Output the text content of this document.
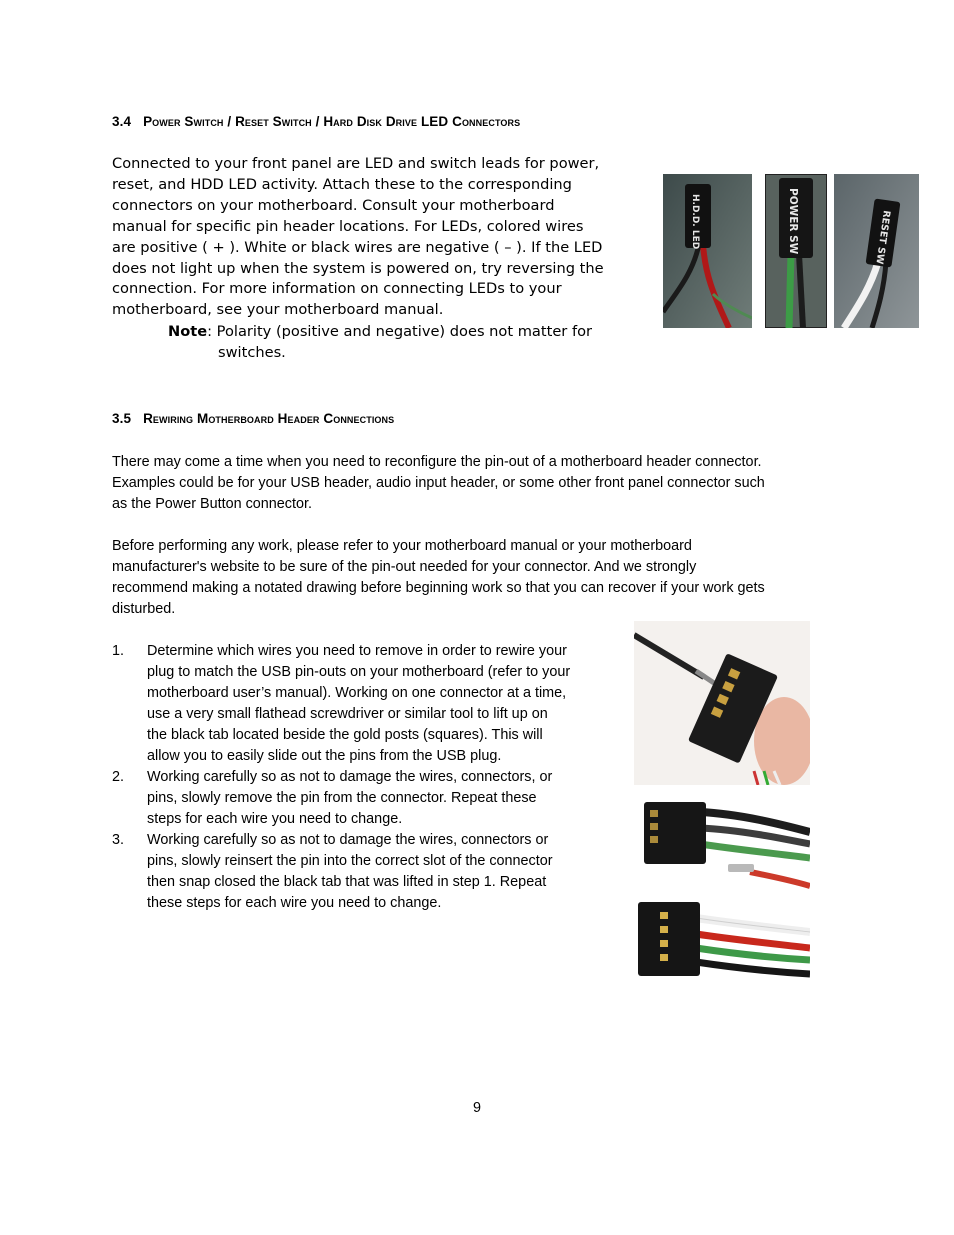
3.4 Power Switch / Reset Switch / Hard Disk Drive LED Connectors
Connected to your front panel are LED and switch leads for power,
reset, and HDD LED activity. Attach these to the corresponding
connectors on your motherboard. Consult your motherboard
manual for specific pin header locations. For LEDs, colored wires
are positive ( + ). White or black wires are negative ( – ). If the LED
does not light up when the system is powered on, try reversing the
connection. For more information on connecting LEDs to your
motherboard, see your motherboard manual.
Note: Polarity (positive and negative) does not matter for
switches.
H.D.D. LED	POWER SW	RESET SW
3.5 Rewiring Motherboard Header Connections
There may come a time when you need to reconfigure the pin-out of a motherboard header connector.
Examples could be for your USB header, audio input header, or some other front panel connector such
as the Power Button connector.
Before performing any work, please refer to your motherboard manual or your motherboard
manufacturer's website to be sure of the pin-out needed for your connector. And we strongly
recommend making a notated drawing before beginning work so that you can recover if your work gets
disturbed.
1. Determine which wires you need to remove in order to rewire your
plug to match the USB pin-outs on your motherboard (refer to your
motherboard user’s manual). Working on one connector at a time,
use a very small flathead screwdriver or similar tool to lift up on
the black tab located beside the gold posts (squares). This will
allow you to easily slide out the pins from the USB plug.
2. Working carefully so as not to damage the wires, connectors, or
pins, slowly remove the pin from the connector. Repeat these
steps for each wire you need to change.
3. Working carefully so as not to damage the wires, connectors or
pins, slowly reinsert the pin into the correct slot of the connector
then snap closed the black tab that was lifted in step 1. Repeat
these steps for each wire you need to change.
9
